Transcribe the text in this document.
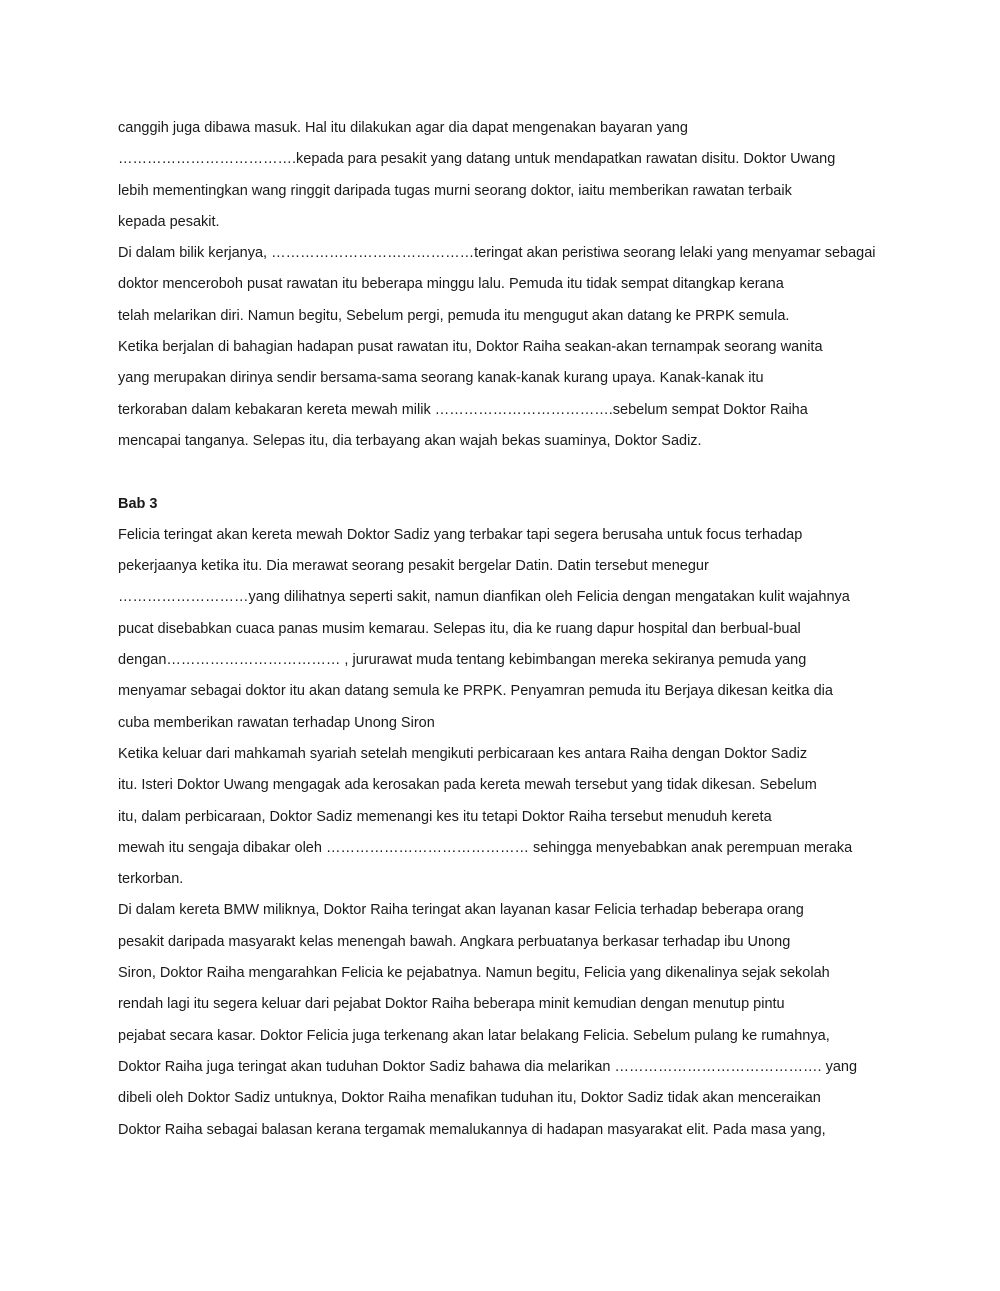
canggih juga dibawa masuk. Hal itu dilakukan agar dia dapat mengenakan bayaran yang
……………………………….kepada para pesakit yang datang untuk mendapatkan rawatan disitu. Doktor Uwang
lebih mementingkan wang ringgit daripada tugas murni seorang doktor, iaitu memberikan rawatan terbaik
kepada pesakit.
Di dalam bilik kerjanya, ……………………………………teringat akan peristiwa seorang lelaki yang menyamar sebagai
doktor menceroboh pusat rawatan itu beberapa minggu lalu. Pemuda itu tidak sempat ditangkap kerana
telah melarikan diri. Namun begitu, Sebelum pergi, pemuda itu mengugut akan datang ke PRPK semula.
Ketika berjalan di bahagian hadapan pusat rawatan itu, Doktor Raiha seakan-akan ternampak seorang wanita
yang merupakan dirinya sendir bersama-sama seorang kanak-kanak kurang upaya. Kanak-kanak itu
terkoraban dalam kebakaran kereta mewah milik ……………………………….sebelum sempat Doktor Raiha
mencapai tanganya. Selepas itu, dia terbayang akan wajah bekas suaminya, Doktor Sadiz.
Bab 3
Felicia teringat akan kereta mewah Doktor Sadiz yang terbakar tapi segera berusaha untuk focus terhadap
pekerjaanya ketika itu. Dia merawat seorang pesakit bergelar Datin. Datin tersebut menegur
………………………yang dilihatnya seperti sakit, namun dianfikan oleh Felicia dengan mengatakan kulit wajahnya
pucat disebabkan cuaca panas musim kemarau. Selepas itu, dia ke ruang dapur hospital dan berbual-bual
dengan……………………………… , jururawat muda tentang kebimbangan mereka sekiranya pemuda yang
menyamar sebagai doktor itu akan datang semula ke PRPK. Penyamran pemuda itu Berjaya dikesan keitka dia
cuba memberikan rawatan terhadap Unong Siron
Ketika keluar dari mahkamah syariah setelah mengikuti perbicaraan kes antara Raiha dengan Doktor Sadiz
itu. Isteri Doktor Uwang mengagak ada kerosakan pada kereta mewah tersebut yang tidak dikesan. Sebelum
itu, dalam perbicaraan, Doktor Sadiz memenangi kes itu tetapi Doktor Raiha tersebut menuduh kereta
mewah itu sengaja dibakar oleh …………………………………… sehingga menyebabkan anak perempuan meraka
terkorban.
Di dalam kereta BMW miliknya, Doktor Raiha teringat akan layanan kasar Felicia terhadap beberapa orang
pesakit daripada masyarakt kelas menengah bawah. Angkara perbuatanya berkasar terhadap ibu Unong
Siron, Doktor Raiha mengarahkan Felicia ke pejabatnya. Namun begitu, Felicia yang dikenalinya sejak sekolah
rendah lagi itu segera keluar dari pejabat Doktor Raiha beberapa minit kemudian dengan menutup pintu
pejabat secara kasar. Doktor Felicia juga terkenang akan latar belakang Felicia. Sebelum pulang ke rumahnya,
Doktor Raiha juga teringat akan tuduhan Doktor Sadiz bahawa dia melarikan ……………………………………. yang
dibeli oleh Doktor Sadiz untuknya, Doktor Raiha menafikan tuduhan itu, Doktor Sadiz tidak akan menceraikan
Doktor Raiha sebagai balasan kerana tergamak memalukannya di hadapan masyarakat elit. Pada masa yang,
